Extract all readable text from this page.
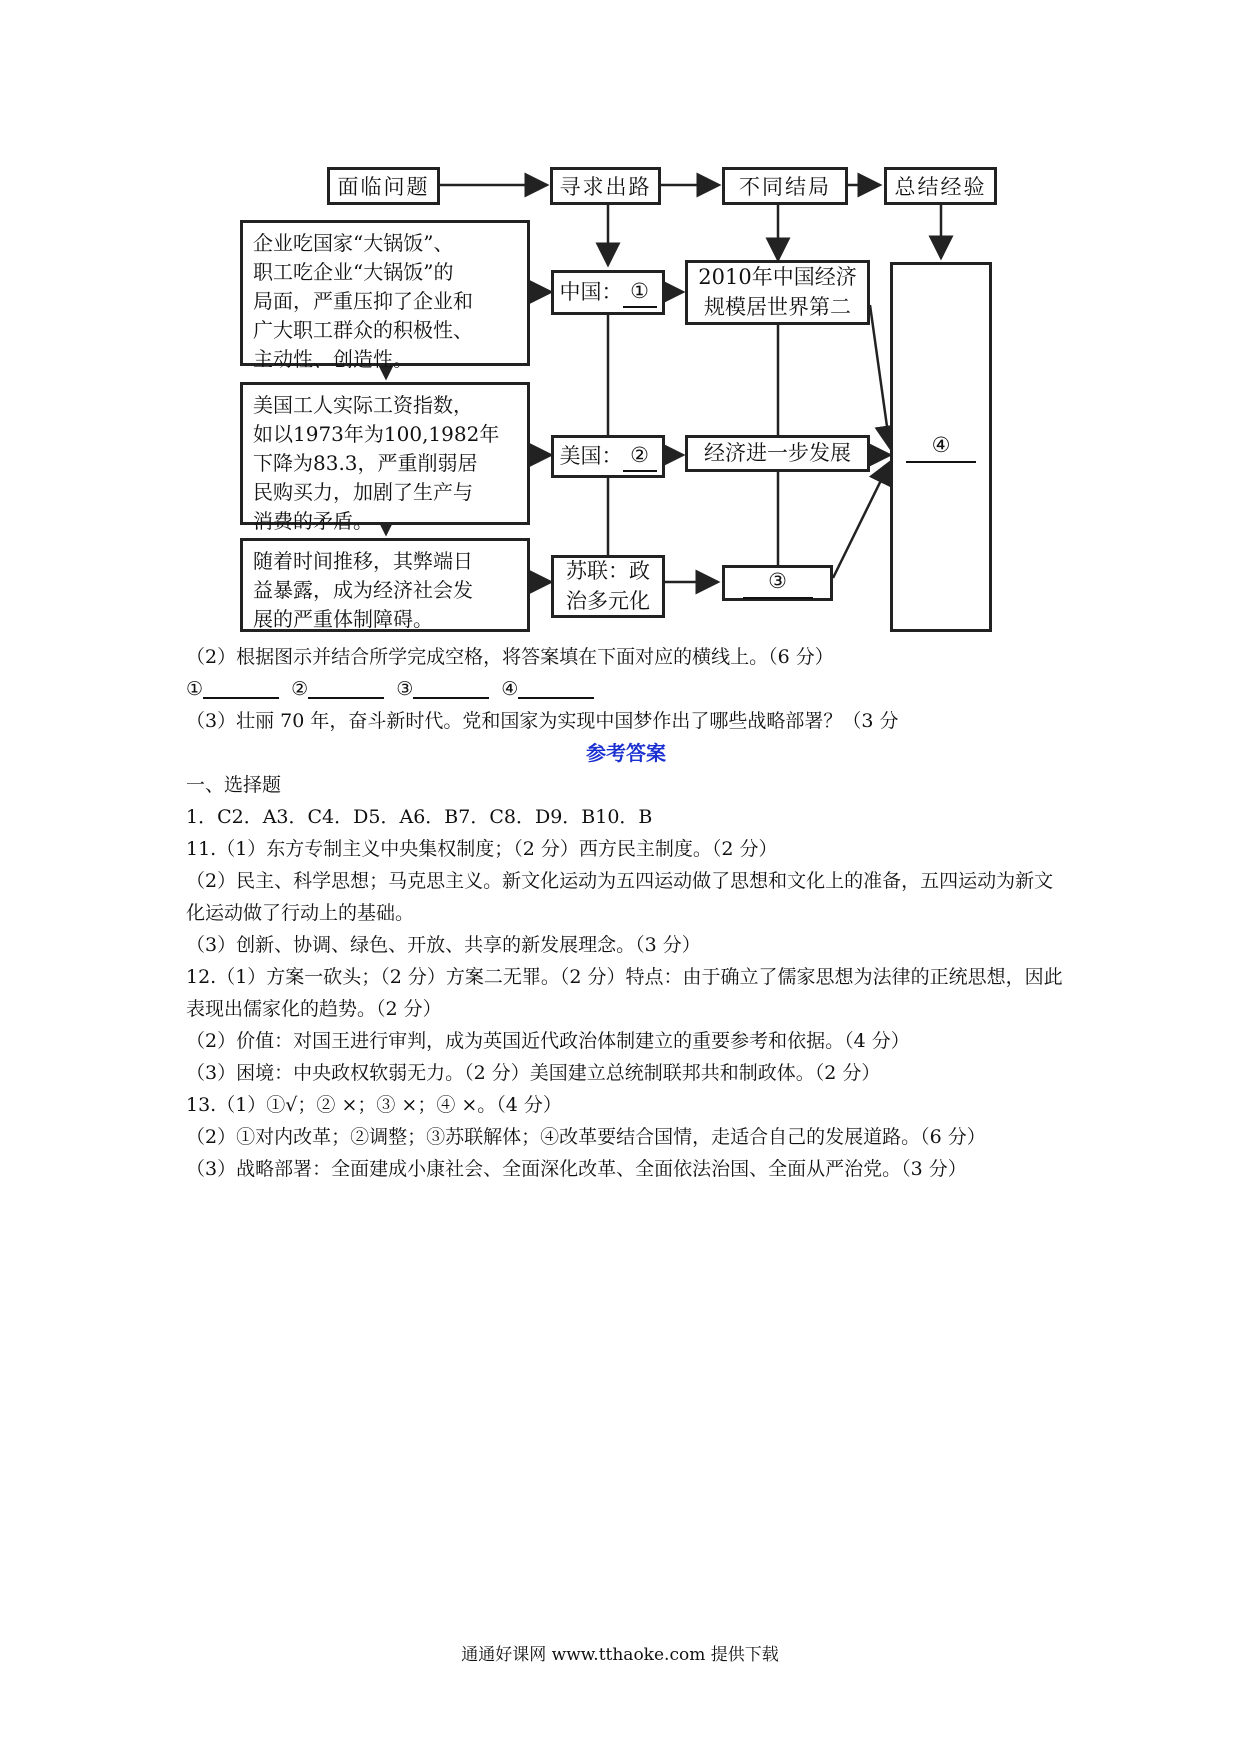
面临问题	寻求出路	不同结局	总结经验
企业吃国家“大锅饭”、
职工吃企业“大锅饭”的
局面，严重压抑了企业和
广大职工群众的积极性、
主动性、创造性。
美国工人实际工资指数，
如以1973年为100,1982年
下降为83.3，严重削弱居
民购买力，加剧了生产与
消费的矛盾。
随着时间推移，其弊端日
益暴露，成为经济社会发
展的严重体制障碍。
中国： ①
美国： ②
苏联：政
治多元化
2010年中国经济
规模居世界第二
经济进一步发展
③
④
（2）根据图示并结合所学完成空格，将答案填在下面对应的横线上。（6 分）
①	②	③	④
（3）壮丽 70 年，奋斗新时代。党和国家为实现中国梦作出了哪些战略部署？（3 分
参考答案
一、选择题
1．C2．A3．C4．D5．A6．B7．C8．D9．B10．B
11.（1）东方专制主义中央集权制度；（2 分）西方民主制度。（2 分）
（2）民主、科学思想；马克思主义。新文化运动为五四运动做了思想和文化上的准备，五四运动为新文化运动做了行动上的基础。
（3）创新、协调、绿色、开放、共享的新发展理念。（3 分）
12.（1）方案一砍头；（2 分）方案二无罪。（2 分）特点：由于确立了儒家思想为法律的正统思想，因此表现出儒家化的趋势。（2 分）
（2）价值：对国王进行审判，成为英国近代政治体制建立的重要参考和依据。（4 分）
（3）困境：中央政权软弱无力。（2 分）美国建立总统制联邦共和制政体。（2 分）
13.（1）①√；② ×；③ ×；④ ×。（4 分）
（2）①对内改革；②调整；③苏联解体；④改革要结合国情，走适合自己的发展道路。（6 分）
（3）战略部署：全面建成小康社会、全面深化改革、全面依法治国、全面从严治党。（3 分）
通通好课网 www.tthaoke.com 提供下载
